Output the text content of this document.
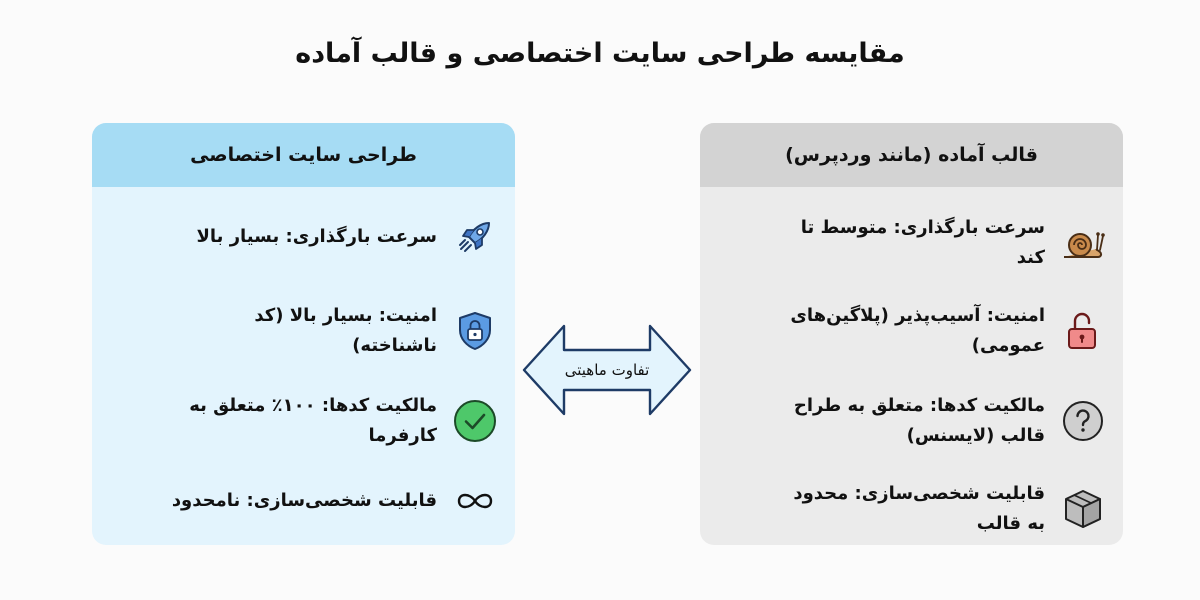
مقایسه طراحی سایت اختصاصی و قالب آماده
طراحی سایت اختصاصی
سرعت بارگذاری: بسیار بالا
امنیت: بسیار بالا (کد ناشناخته)
مالکیت کدها: ۱۰۰٪ متعلق به کارفرما
قابلیت شخصی‌سازی: نامحدود
تفاوت ماهیتی
قالب آماده (مانند وردپرس)
سرعت بارگذاری: متوسط تا کند
امنیت: آسیب‌پذیر (پلاگین‌های عمومی)
مالکیت کدها: متعلق به طراح قالب (لایسنس)
قابلیت شخصی‌سازی: محدود به قالب
